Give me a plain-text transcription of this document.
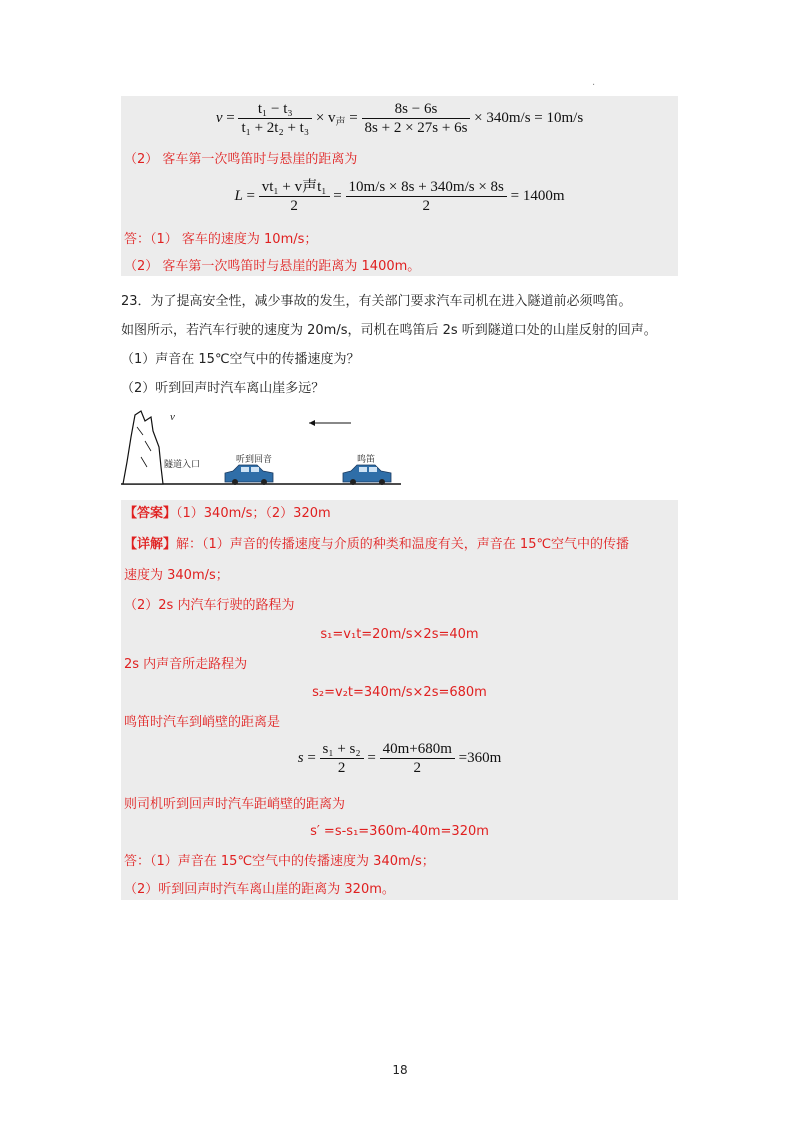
·
$v = \frac{\text{t₁ − t₃}}{\text{t₁ + 2t₂ + t₃}} \times v_声 = \frac{8s - 6s}{8s + 2 \times 27s + 6s} \times 340m/s = 10m/s$
（2） 客车第一次鸣笛时与悬崖的距离为
$L = \frac{\text{vt₁ + v声t₁}}{2} = \frac{10m/s \times 8s + 340m/s \times 8s}{2} = 1400m$
答：（1） 客车的速度为 10m/s；
（2） 客车第一次鸣笛时与悬崖的距离为 1400m。
23．为了提高安全性，减少事故的发生，有关部门要求汽车司机在进入隧道前必须鸣笛。
如图所示，若汽车行驶的速度为 20m/s，司机在鸣笛后 2s 听到隧道口处的山崖反射的回声。
（1）声音在 15℃空气中的传播速度为？
（2）听到回声时汽车离山崖多远？
v
隧道入口	听到回音	鸣笛
【答案】（1）340m/s；（2）320m
【详解】解：（1）声音的传播速度与介质的种类和温度有关，声音在 15℃空气中的传播
速度为 340m/s；
（2）2s 内汽车行驶的路程为
s₁=v₁t=20m/s×2s=40m
2s 内声音所走路程为
s₂=v₂t=340m/s×2s=680m
鸣笛时汽车到峭壁的距离是
$s = \frac{\text{s₁ + s₂}}{2} = \frac{40m+680m}{2} =360m$
则司机听到回声时汽车距峭壁的距离为
s′ =s-s₁=360m-40m=320m
答：（1）声音在 15℃空气中的传播速度为 340m/s；
（2）听到回声时汽车离山崖的距离为 320m。
18
